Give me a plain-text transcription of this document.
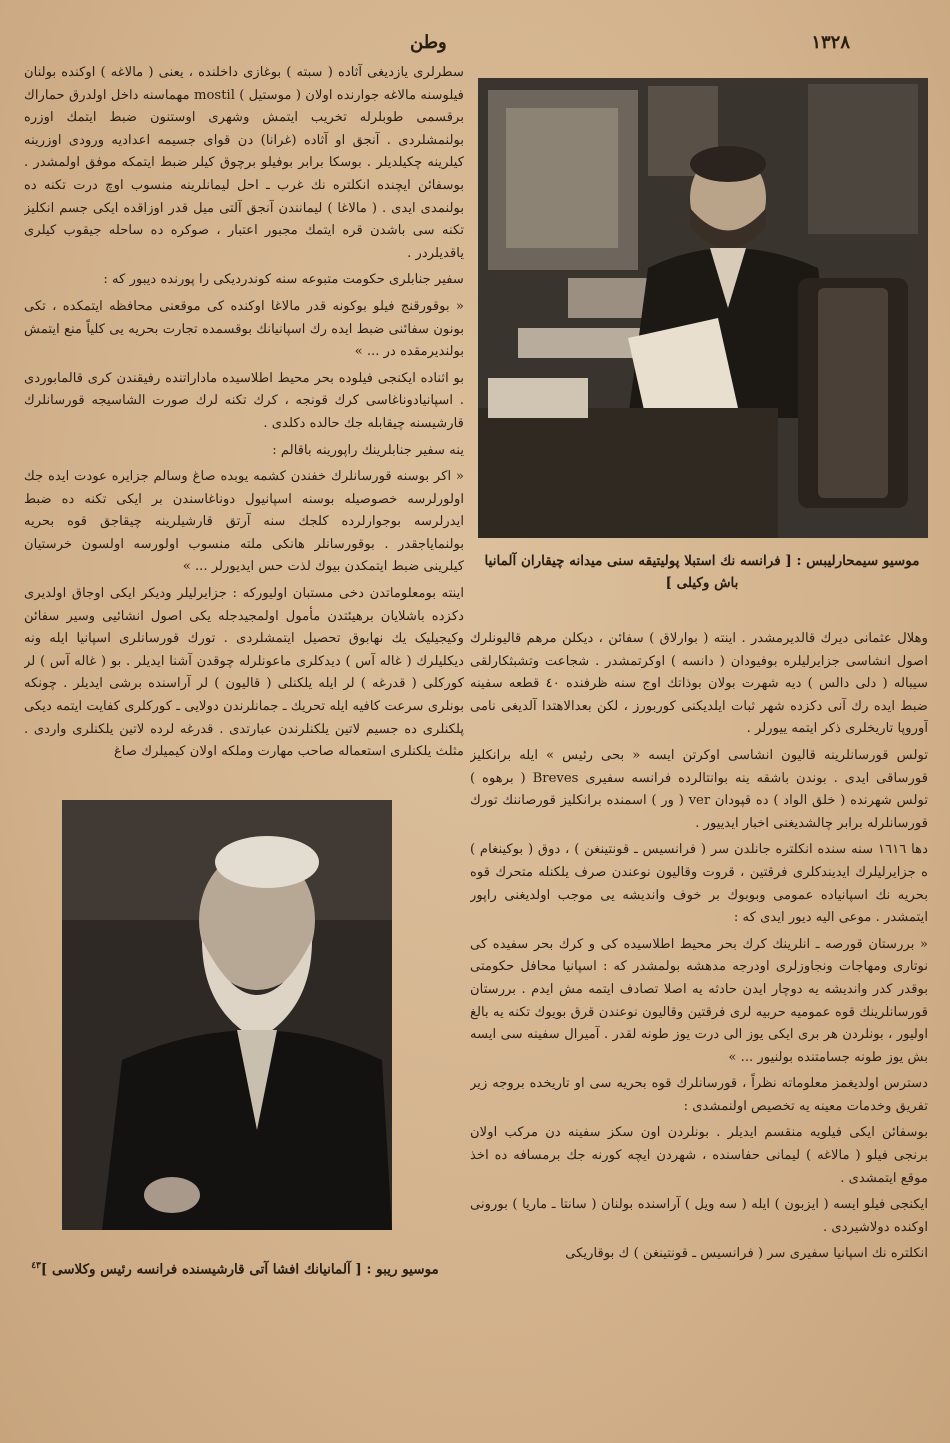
١٣٢٨
وطن

سطرلری یازدیغی آثاده ( سبته ) بوغازی داخلنده ، یعنی ( مالاغه ) اوکنده بولنان فیلوسنه مالاغه جوارنده اولان ( موستیل ) mostil مهماسنه داخل اولدرق حماراك برقسمی طوبلرله تخریب ایتمش وشهری اوستنون ضبط ایتمك اوزره بولنمشلردی . آنجق او آثاده (غرانا) دن قوای جسیمه اعدادیه ورودی اوزرینه کیلرینه چکیلدیلر . بوسکا برابر بوفیلو برچوق کیلر ضبط ایتمکه موفق اولمشدر . بوسفائن ایچنده انکلتره نك غرب ـ احل لیمانلرینه منسوب اوچ درت تکنه ده بولنمدی ایدی . ( مالاغا ) لیمانندن آنجق آلتی میل قدر اوزاقده ایکی جسم انکلیز تکنه سی باشدن قره ایتمك مجبور اعتبار ، صوکره ده ساحله جیقوب کیلری یاقدیلردر .

سفیر جنابلری حکومت متبوعه سنه کوندردیکی را پورنده دیبور که :

« بوقورقنج فیلو بوکونه قدر مالاغا اوکنده کی موقعنی محافظه ایتمکده ، تکی بونون سفائنی ضبط ایده رك اسپانیانك بوقسمده تجارت بحریه یی کلیاً منع ایتمش بولندیرمقده در ... »

بو اثناده ایکنجی فیلوده بحر محیط اطلاسیده ماداراتنده رفیقندن کری قالمابوردی . اسپانیادوناغاسی کرك قونجه ، کرك تکنه لرك صورت الشاسیجه قورسانلرك قارشیسنه چیقابله جك حالده دکلدی .

ینه سفیر جنابلرینك راپورینه باقالم :

« اکر بوسنه قورسانلرك خفندن کشمه یوبده صاغ وسالم جزایره عودت ایده جك اولورلرسه خصوصیله بوسنه اسپانیول دوناغاسندن بر ایکی تکنه ده ضبط ایدرلرسه بوجوارلرده کلجك سنه آرتق قارشیلرینه چیقاجق قوه بحریه بولنمایاجقدر . بوقورسانلر هانکی ملته منسوب اولورسه اولسون خرستیان کیلرینی ضبط ایتمکدن بیوك لذت حس ایدیورلر ... »

اینته بومعلوماتدن دخی مستبان اولیورکه : جزایرلیلر ودیکر ایکی اوجاق اولدیری دکزده باشلایان برهیئتدن مأمول اولمجیدجله یکی اصول انشائیی وسیر سفائن وکیجیلیک یك نهابوق تحصیل ایتمشلردی . تورك قورسانلری اسپانیا ایله ونه دیکلیلرك ( غاله آس ) دیدکلری ماعونلرله چوقدن آشنا ایدیلر . بو ( غاله آس ) لر کورکلی ( قدرغه ) لر ایله یلکنلی ( قالیون ) لر آراسنده برشی ایدیلر . چونکه بونلری سرعت کافیه ایله تحریك ـ جمانلرندن دولایی ـ کورکلری کفایت ایتمه دیکی پلکنلری ده جسیم لاتین یلکنلرندن عبارتدی . قدرغه لرده لاتین یلکنلری واردی . مثلث یلکنلری استعماله صاحب مهارت وملکه اولان کیمیلرك صاغ

موسیو سیمحارلیبس : [ فرانسه نك استبلا پولیتیقه سنی میدانه چیقاران آلمانیا باش وکیلی ]

وهلال عثمانی دیرك قالدیرمشدر . اینته ( بوارلاق ) سفائن ، دیکلن مرهم قالیونلرك اصول انشاسی جزایرلیلره بوفیودان ( دانسه ) اوکرتمشدر . شجاعت وتشبثکارلقی سیباله ( دلی دالس ) دیه شهرت بولان بوذاتك اوج سنه ظرفنده ٤٠ قطعه سفینه ضبط ایده رك آنی دکزده شهر ثبات ایلدیکنی کوربورز ، لکن بعدالاهتدا آلدیغی نامی آوروپا تاریخلری ذکر ایتمه ییورلر .

تولس قورسانلرینه قالیون انشاسی اوکرتن ایسه « بحی رئیس » ایله برانکلیز قورساقی ایدی . بوندن باشقه ینه بوانتالرده فرانسه سفیری Breves ( برهوه ) تولس شهرنده ( خلق الواد ) ده قپودان ver ( ور ) اسمنده برانکلیز قورصاننك تورك قورسانلرله برابر چالشدیغنی اخبار ایدییور .

دها ١٦١٦ سنه سنده انکلتره جانلدن سر ( فرانسیس ـ قونتینغن ) ، دوق ( بوکینغام ) ه جزایرلیلرك ایدیندکلری فرقتین ، قروت وقالیون نوعندن صرف یلکنله متحرك قوه بحریه نك اسپانیاده عمومی وبوبوك بر خوف واندیشه یی موجب اولدیغنی راپور ایتمشدر . موعی الیه دیور ایدی که :

« بررستان قورصه ـ انلرینك کرك بحر محیط اطلاسیده کی و کرك بحر سفیده کی نوتاری ومهاجات ونجاوزلری اودرجه مدهشه بولمشدر که : اسپانیا محافل حکومتی بوقدر کدر واندیشه یه دوچار ایدن حادثه یه اصلا تصادف ایتمه مش ایدم . بررستان قورسانلرینك قوه عمومیه حربیه لری فرقتین وقالیون نوعندن قرق بویوك تکنه یه بالغ اولیور ، بونلردن هر بری ایکی یوز الی درت یوز طونه لقدر . آمیرال سفینه سی ایسه بش یوز طونه جسامتنده بولنیور ... »

دسترس اولدیغمز معلوماته نظراً ، قورسانلرك قوه بحریه سی او تاریخده بروجه زیر تفریق وخدمات معینه یه تخصیص اولنمشدی :

بوسفائن ایکی فیلویه منقسم ایدیلر . بونلردن اون سکز سفینه دن مرکب اولان برنجی فیلو ( مالاغه ) لیمانی حفاسنده ، شهردن ایچه کورنه جك برمسافه ده اخذ موقع ایتمشدی .

ایکنجی فیلو ایسه ( ایزبون ) ایله ( سه ویل ) آراسنده بولنان ( سانتا ـ ماریا ) بورونی اوکنده دولاشیردی .

انکلتره نك اسپانیا سفیری سر ( فرانسیس ـ قونتینغن ) ك بوقاریکی

موسیو ریبو : [ آلمانیانك افشا آتی قارشیسنده فرانسه رئیس وکلاسی ]$^{٤٣}$
